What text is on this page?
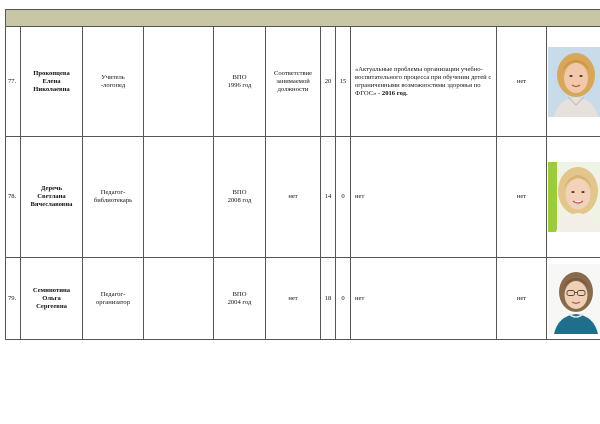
77.	Прокопцева
Елена
Николаевна	Учитель
-логопед		ВПО
1996 год	Соответствие
занимаемой
должности	20	15	«Актуальные проблемы организации учебно-воспитательного процесса при обучении детей с ограниченными возможностями здоровья по ФГОС» - 2016 год.	нет	

78.	Деречь
Светлана
Вячеславовна	Педагог-
библиотекарь		ВПО
2008 год	нет	14	0	нет	нет	

79.	Семинотина
Ольга
Сергеевна	Педагог-
организатор		ВПО
2004 год	нет	18	0	нет	нет	
